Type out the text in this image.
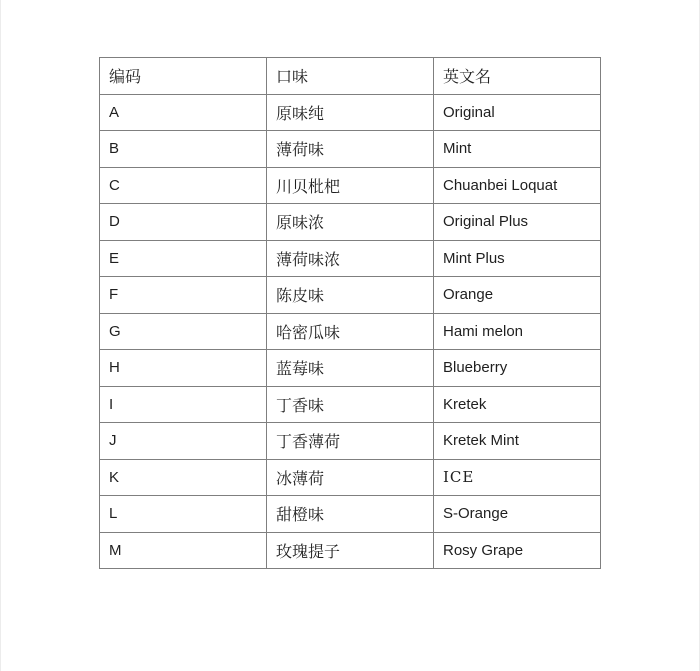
编码	口味	英文名
A	原味纯	Original
B	薄荷味	Mint
C	川贝枇杷	Chuanbei Loquat
D	原味浓	Original Plus
E	薄荷味浓	Mint Plus
F	陈皮味	Orange
G	哈密瓜味	Hami melon
H	蓝莓味	Blueberry
I	丁香味	Kretek
J	丁香薄荷	Kretek Mint
K	冰薄荷	ICE
L	甜橙味	S-Orange
M	玫瑰提子	Rosy Grape
